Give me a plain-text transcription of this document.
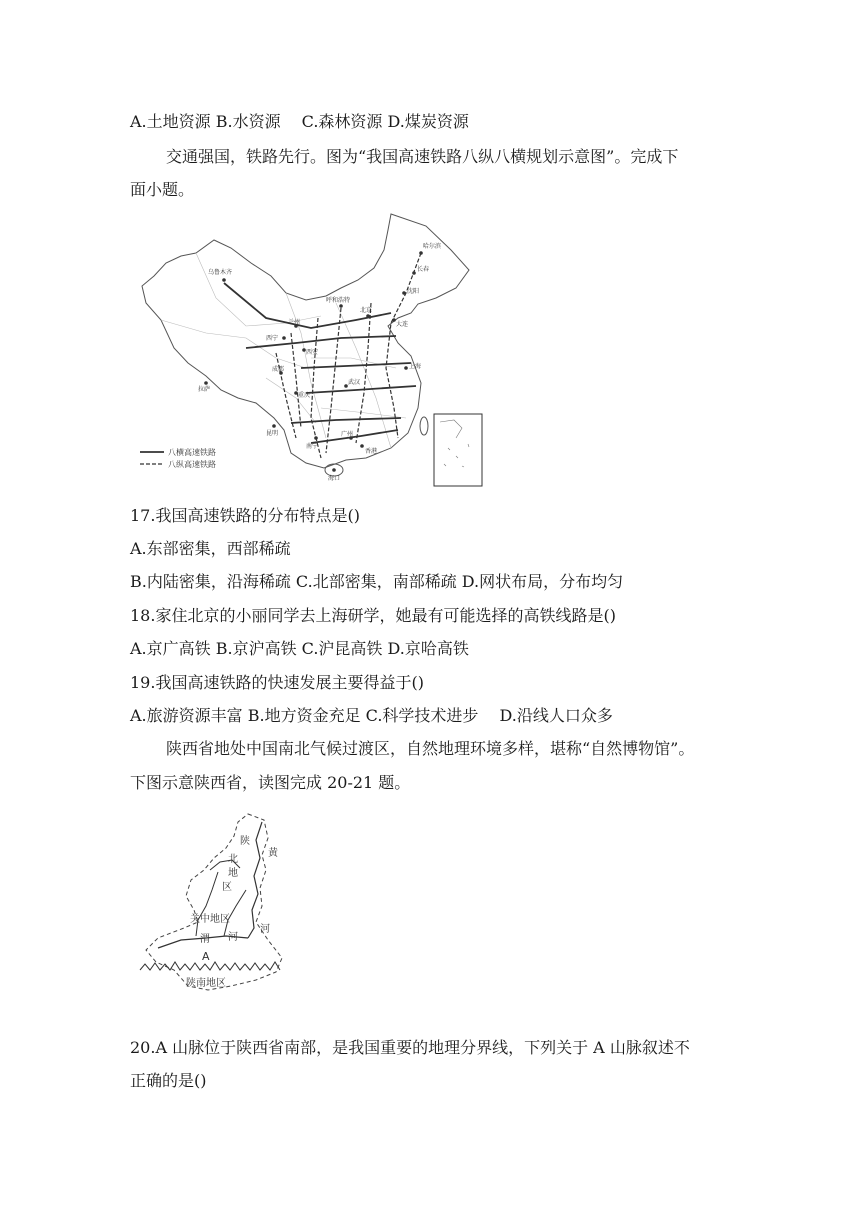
A.土地资源 B.水资源　 C.森林资源 D.煤炭资源
交通强国，铁路先行。图为“我国高速铁路八纵八横规划示意图”。完成下
面小题。
乌鲁木齐
哈尔滨
长春
沈阳
北京
西安
成都
重庆
昆明
拉萨
广州
香港
海口
南宁
武汉
上海
西宁
兰州
呼和浩特
大连
八横高速铁路
八纵高速铁路
17.我国高速铁路的分布特点是()
A.东部密集，西部稀疏
B.内陆密集，沿海稀疏 C.北部密集，南部稀疏 D.网状布局，分布均匀
18.家住北京的小丽同学去上海研学，她最有可能选择的高铁线路是()
A.京广高铁 B.京沪高铁 C.沪昆高铁 D.京哈高铁
19.我国高速铁路的快速发展主要得益于()
A.旅游资源丰富 B.地方资金充足 C.科学技术进步　 D.沿线人口众多
陕西省地处中国南北气候过渡区，自然地理环境多样，堪称“自然博物馆”。
下图示意陕西省，读图完成 20-21 题。
陕
北
地
区
黄
河
关中地区
渭 河
A
陕南地区
20.A 山脉位于陕西省南部，是我国重要的地理分界线，下列关于 A 山脉叙述不
正确的是()
